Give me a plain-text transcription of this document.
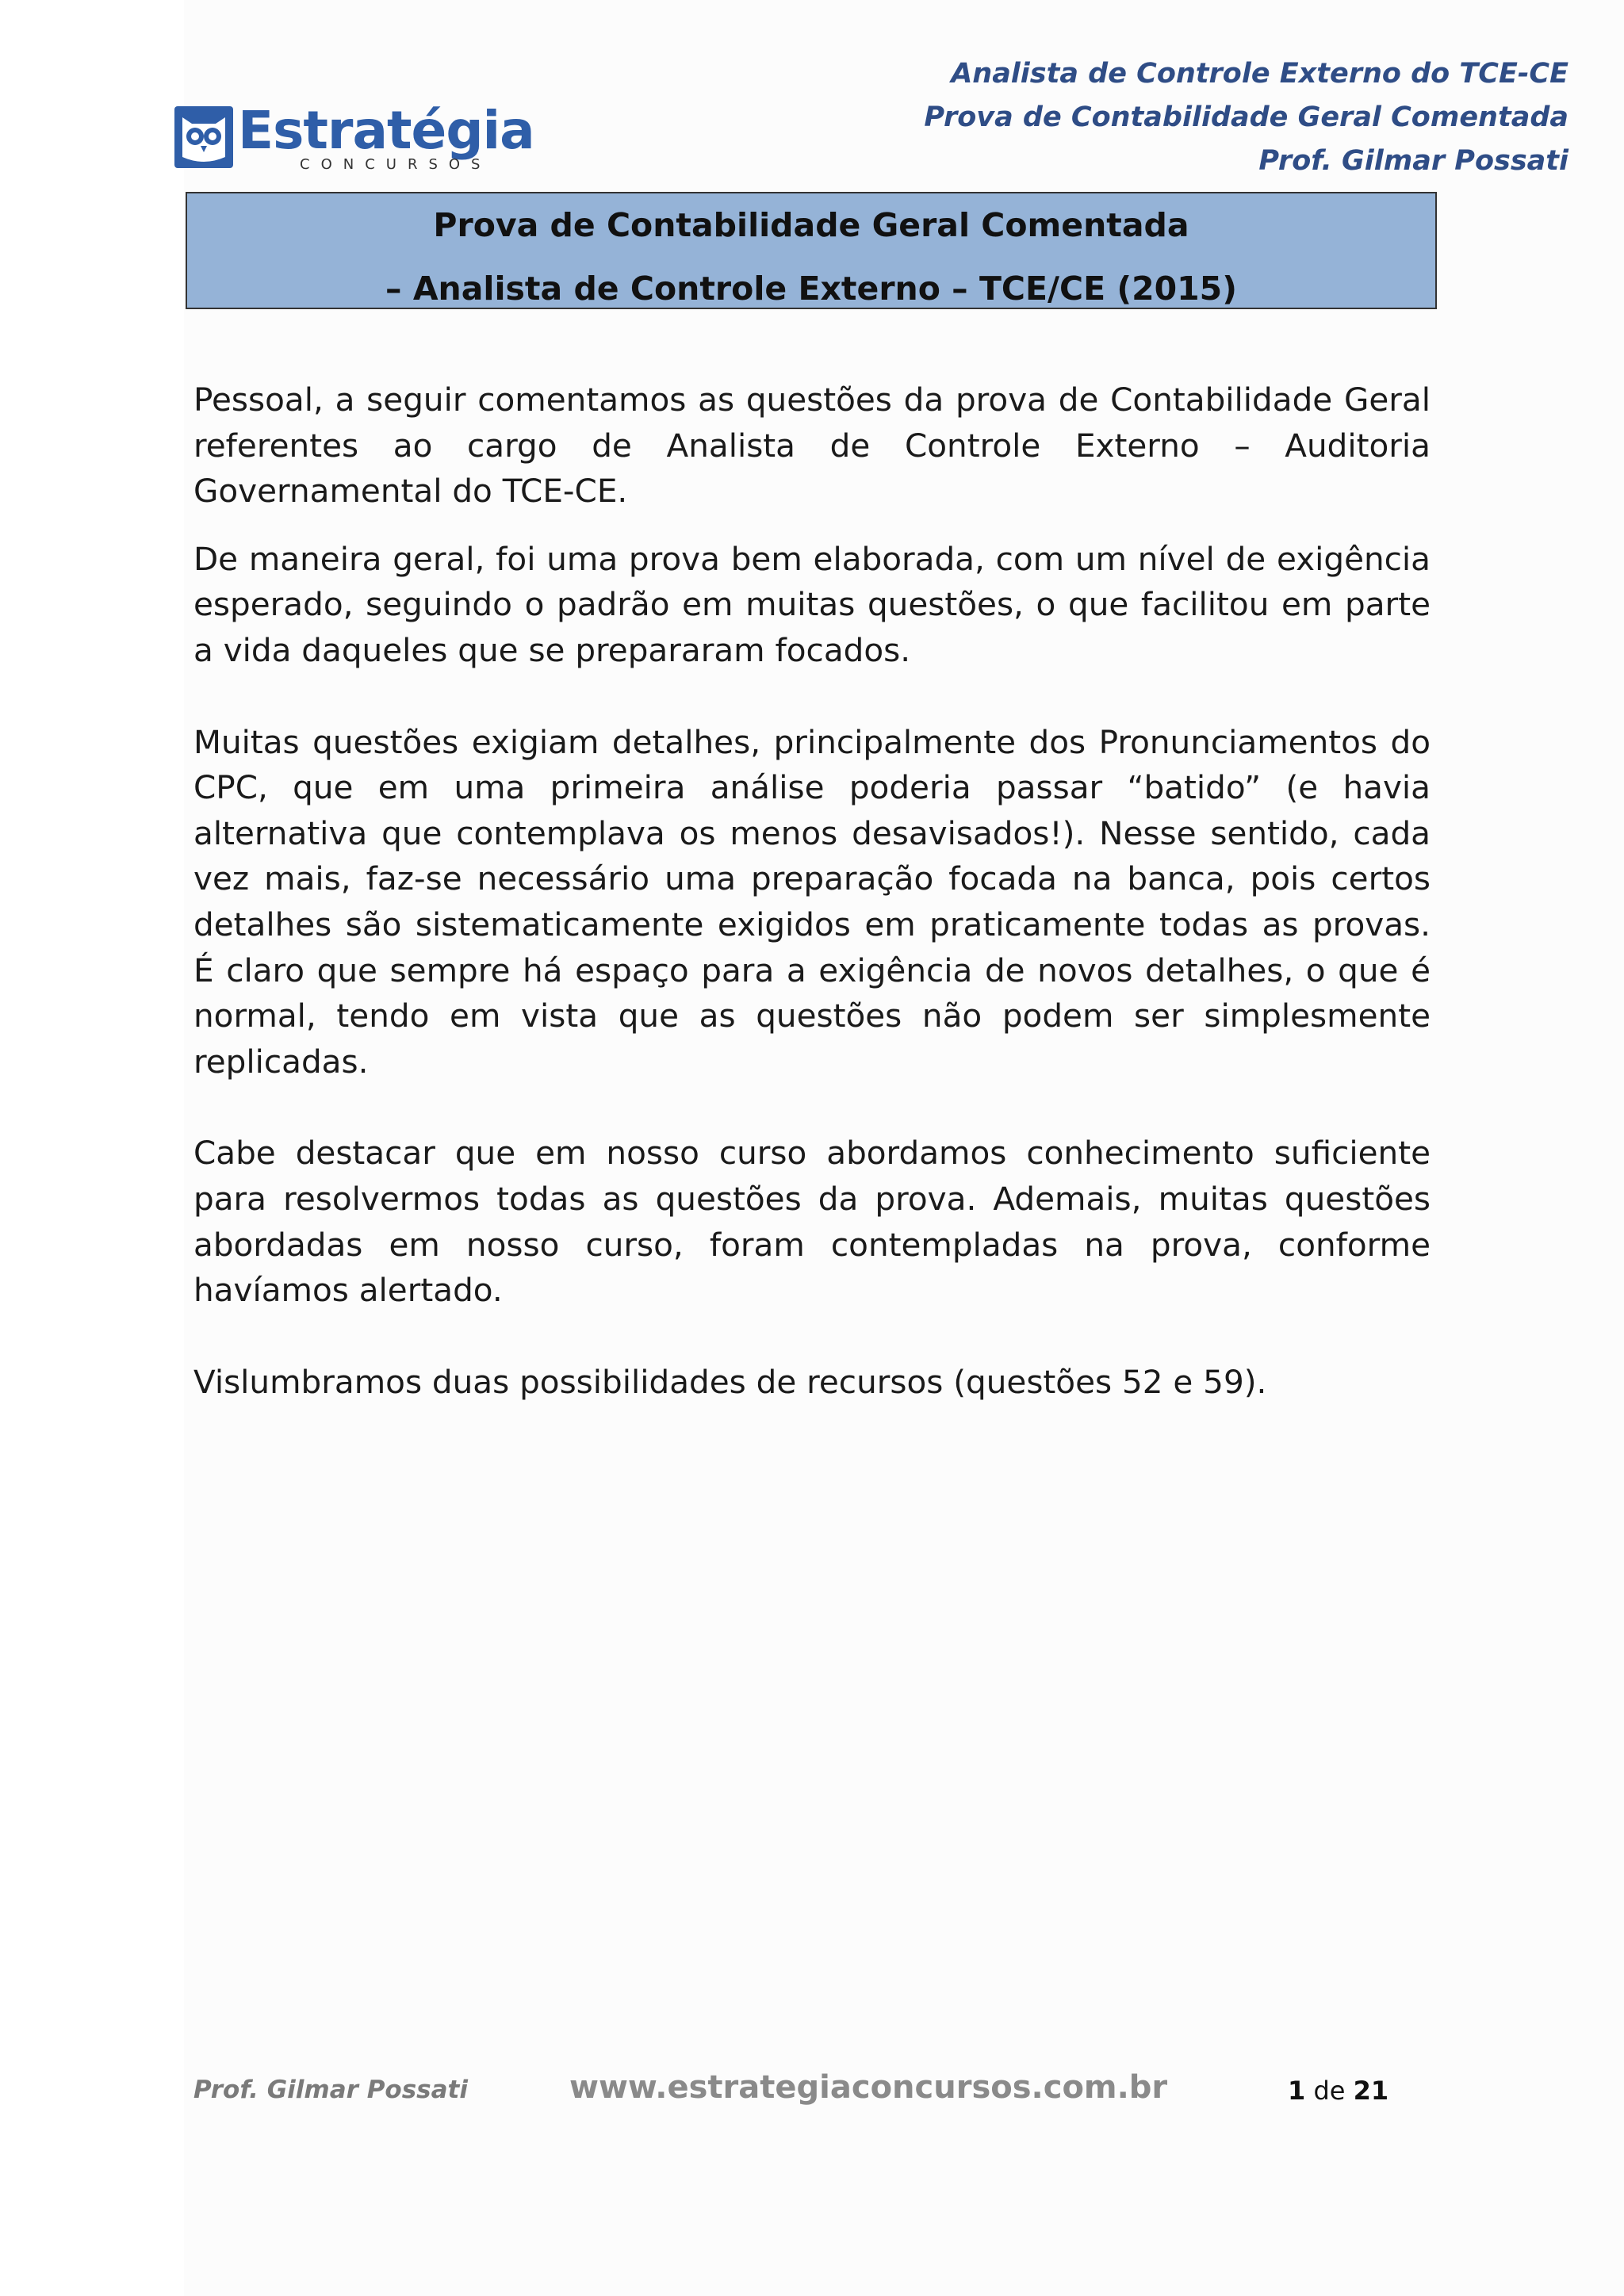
Estratégia
CONCURSOS
Analista de Controle Externo do TCE-CE
Prova de Contabilidade Geral Comentada
Prof. Gilmar Possati
Prova de Contabilidade Geral Comentada
– Analista de Controle Externo – TCE/CE (2015)

Pessoal, a seguir comentamos as questões da prova de Contabilidade Geral referentes ao cargo de Analista de Controle Externo – Auditoria Governamental do TCE-CE.

De maneira geral, foi uma prova bem elaborada, com um nível de exigência esperado, seguindo o padrão em muitas questões, o que facilitou em parte a vida daqueles que se prepararam focados.

Muitas questões exigiam detalhes, principalmente dos Pronunciamentos do CPC, que em uma primeira análise poderia passar “batido” (e havia alternativa que contemplava os menos desavisados!). Nesse sentido, cada vez mais, faz-se necessário uma preparação focada na banca, pois certos detalhes são sistematicamente exigidos em praticamente todas as provas. É claro que sempre há espaço para a exigência de novos detalhes, o que é normal, tendo em vista que as questões não podem ser simplesmente replicadas.

Cabe destacar que em nosso curso abordamos conhecimento suficiente para resolvermos todas as questões da prova. Ademais, muitas questões abordadas em nosso curso, foram contempladas na prova, conforme havíamos alertado.

Vislumbramos duas possibilidades de recursos (questões 52 e 59).

Prof. Gilmar Possati	www.estrategiaconcursos.com.br	1 de 21
